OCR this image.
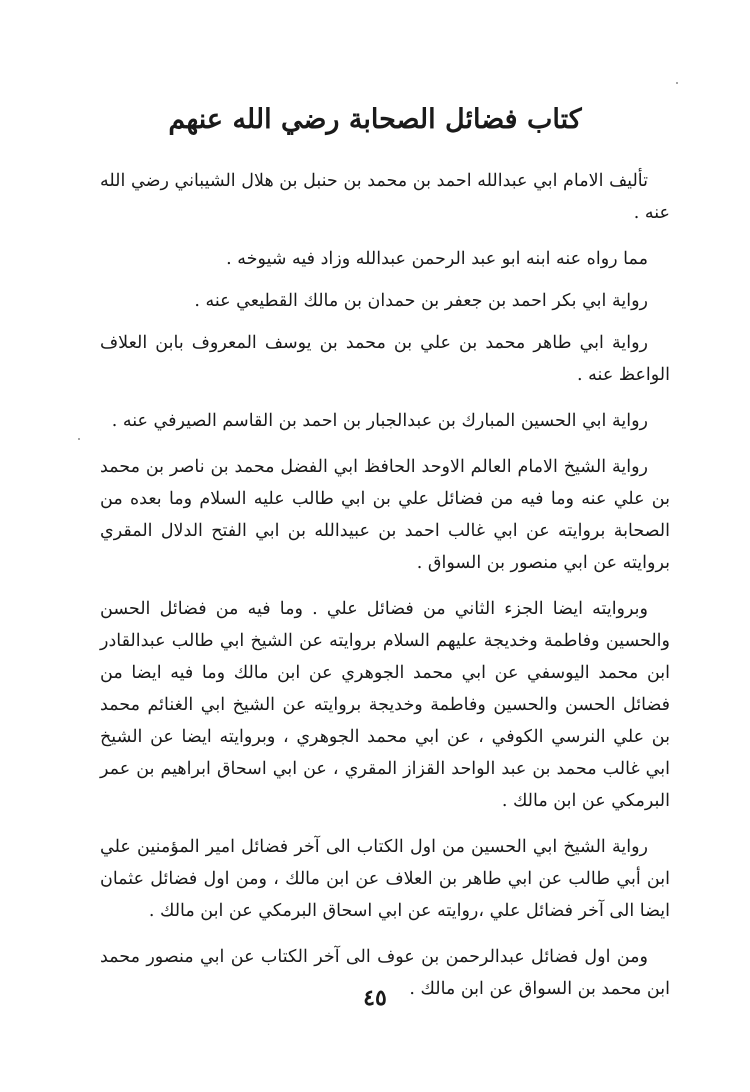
كتاب فضائل الصحابة رضي الله عنهم

تأليف الامام ابي عبدالله احمد بن محمد بن حنبل بن هلال الشيباني رضي الله عنه .

مما رواه عنه ابنه ابو عبد الرحمن عبدالله وزاد فيه شيوخه .

رواية ابي بكر احمد بن جعفر بن حمدان بن مالك القطيعي عنه .

رواية ابي طاهر محمد بن علي بن محمد بن يوسف المعروف بابن العلاف الواعظ عنه .

رواية ابي الحسين المبارك بن عبدالجبار بن احمد بن القاسم الصيرفي عنه .

رواية الشيخ الامام العالم الاوحد الحافظ ابي الفضل محمد بن ناصر بن محمد بن علي عنه وما فيه من فضائل علي بن ابي طالب عليه السلام وما بعده من الصحابة بروايته عن ابي غالب احمد بن عبيدالله بن ابي الفتح الدلال المقري بروايته عن ابي منصور بن السواق .

وبروايته ايضا الجزء الثاني من فضائل علي . وما فيه من فضائل الحسن والحسين وفاطمة وخديجة عليهم السلام بروايته عن الشيخ ابي طالب عبدالقادر ابن محمد اليوسفي عن ابي محمد الجوهري عن ابن مالك وما فيه ايضا من فضائل الحسن والحسين وفاطمة وخديجة بروايته عن الشيخ ابي الغنائم محمد بن علي النرسي الكوفي ، عن ابي محمد الجوهري ، وبروايته ايضا عن الشيخ ابي غالب محمد بن عبد الواحد القزاز المقري ، عن ابي اسحاق ابراهيم بن عمر البرمكي عن ابن مالك .

رواية الشيخ ابي الحسين من اول الكتاب الى آخر فضائل امير المؤمنين علي ابن أبي طالب عن ابي طاهر بن العلاف عن ابن مالك ، ومن اول فضائل عثمان ايضا الى آخر فضائل علي ،روايته عن ابي اسحاق البرمكي عن ابن مالك .

ومن اول فضائل عبدالرحمن بن عوف الى آخر الكتاب عن ابي منصور محمد ابن محمد بن السواق عن ابن مالك .

٤٥
